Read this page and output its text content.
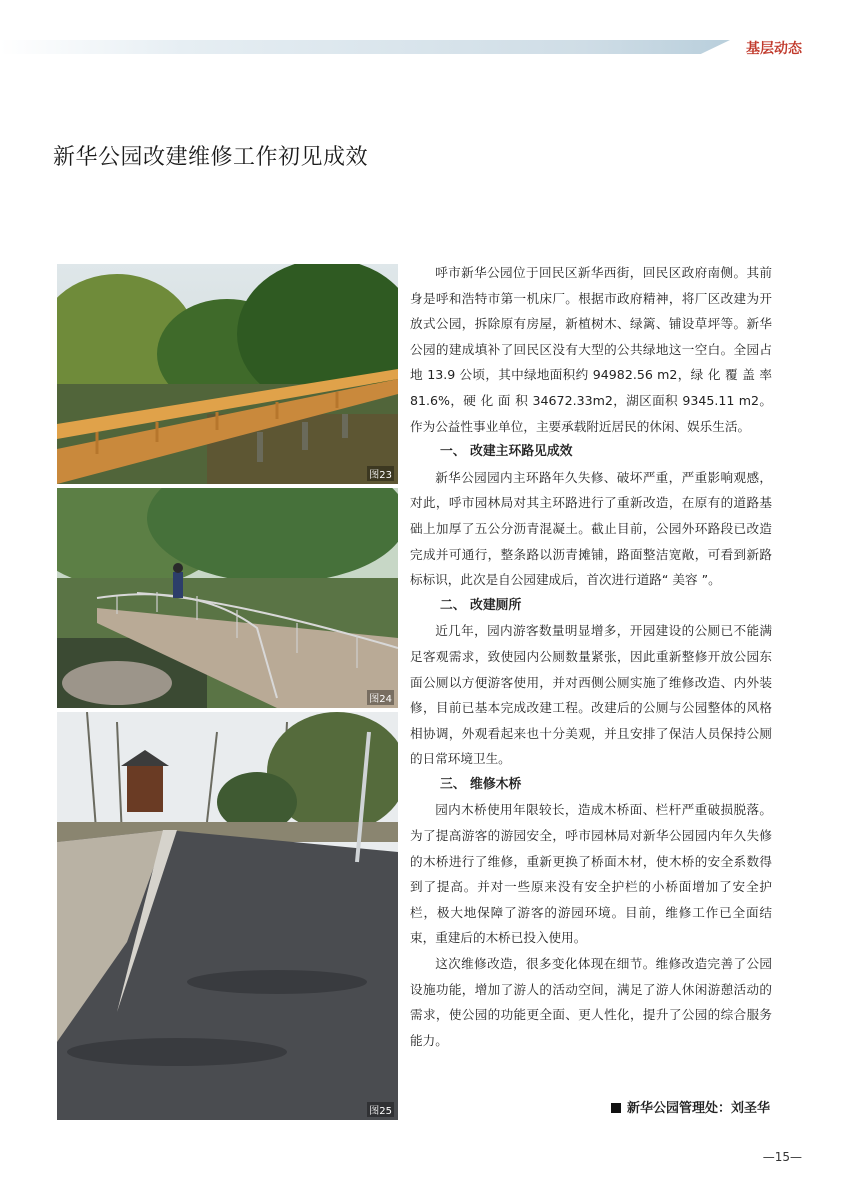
基层动态
新华公园改建维修工作初见成效
图23
图24
图25

呼市新华公园位于回民区新华西街，回民区政府南侧。其前身是呼和浩特市第一机床厂。根据市政府精神，将厂区改建为开放式公园，拆除原有房屋，新植树木、绿篱、铺设草坪等。新华公园的建成填补了回民区没有大型的公共绿地这一空白。全园占地 13.9 公顷，其中绿地面积约 94982.56 m2，绿 化 覆 盖 率 81.6%，硬 化 面 积 34672.33m2，湖区面积 9345.11 m2。作为公益性事业单位，主要承载附近居民的休闲、娱乐生活。

一、 改建主环路见成效

新华公园园内主环路年久失修、破坏严重，严重影响观感，对此，呼市园林局对其主环路进行了重新改造，在原有的道路基础上加厚了五公分沥青混凝土。截止目前，公园外环路段已改造完成并可通行，整条路以沥青摊铺，路面整洁宽敞，可看到新路标标识，此次是自公园建成后，首次进行道路“ 美容 ”。

二、 改建厕所

近几年，园内游客数量明显增多，开园建设的公厕已不能满足客观需求，致使园内公厕数量紧张，因此重新整修开放公园东面公厕以方便游客使用，并对西侧公厕实施了维修改造、内外装修，目前已基本完成改建工程。改建后的公厕与公园整体的风格相协调，外观看起来也十分美观，并且安排了保洁人员保持公厕的日常环境卫生。

三、 维修木桥

园内木桥使用年限较长，造成木桥面、栏杆严重破损脱落。为了提高游客的游园安全，呼市园林局对新华公园园内年久失修的木桥进行了维修，重新更换了桥面木材，使木桥的安全系数得到了提高。并对一些原来没有安全护栏的小桥面增加了安全护栏，极大地保障了游客的游园环境。目前，维修工作已全面结束，重建后的木桥已投入使用。

这次维修改造，很多变化体现在细节。维修改造完善了公园设施功能，增加了游人的活动空间，满足了游人休闲游憩活动的需求，使公园的功能更全面、更人性化，提升了公园的综合服务能力。

新华公园管理处：刘圣华
—15—
